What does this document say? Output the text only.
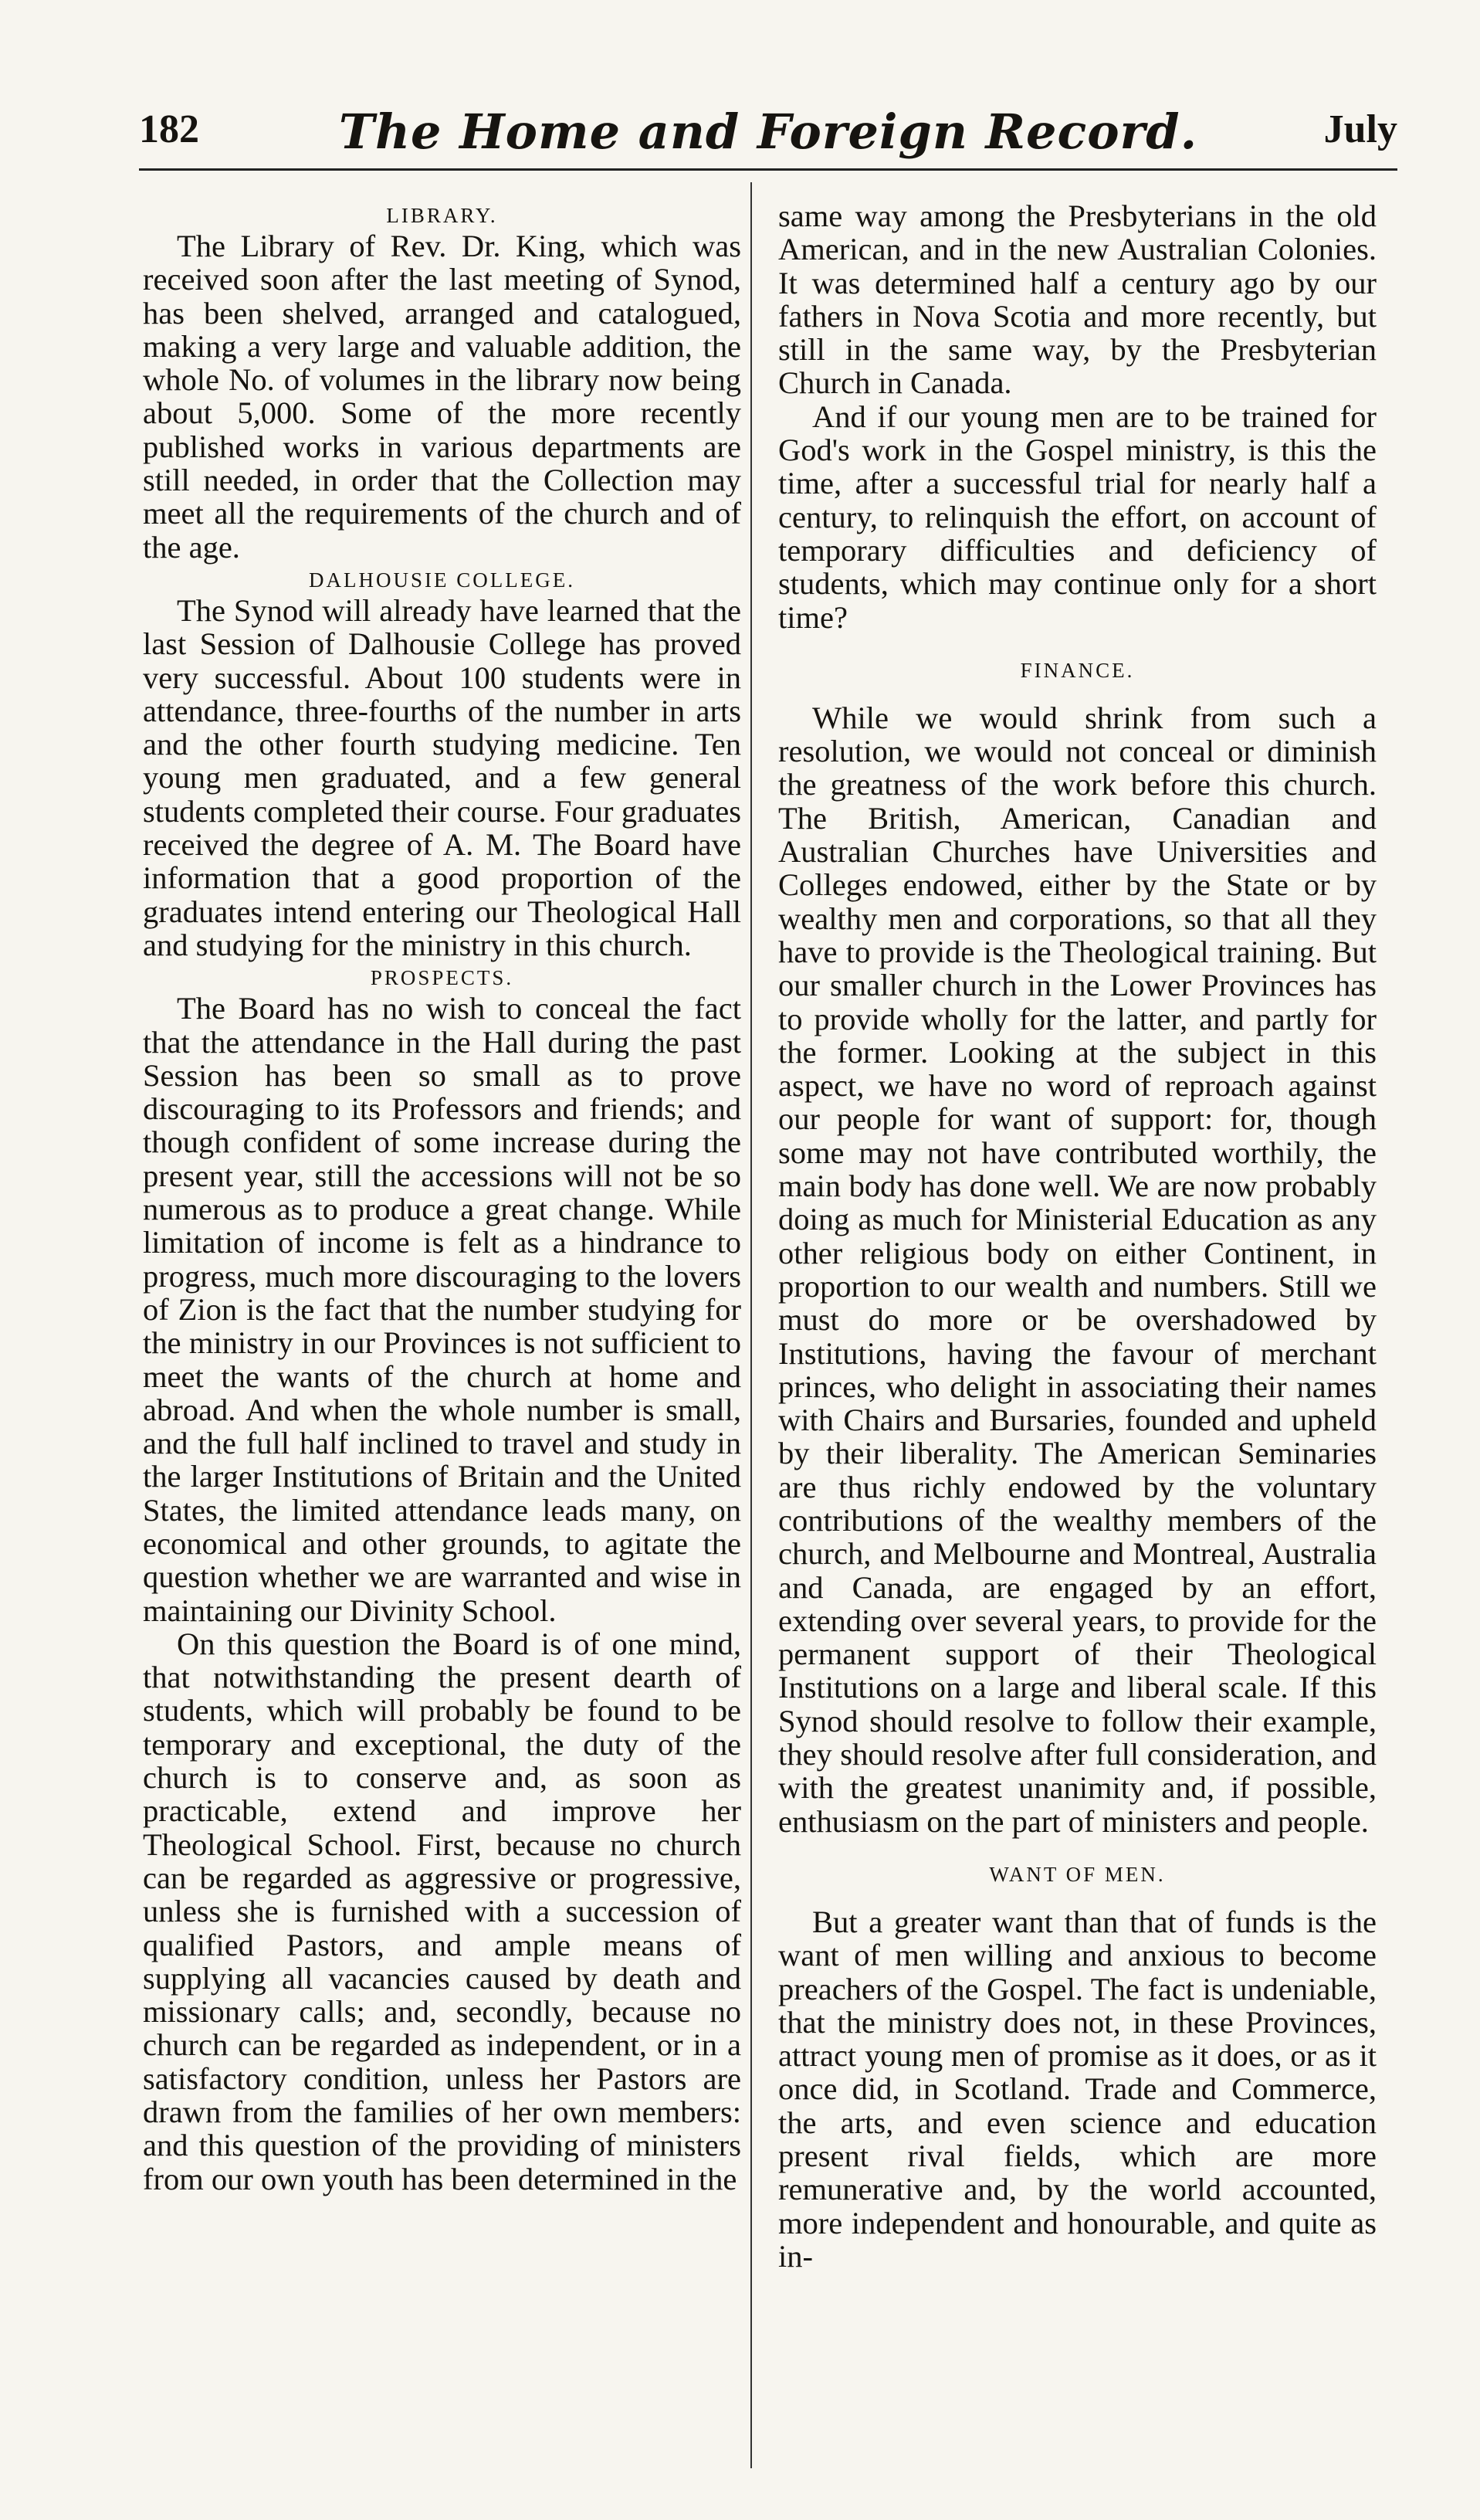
182	The Home and Foreign Record.	July
LIBRARY.

The Library of Rev. Dr. King, which was received soon after the last meeting of Synod, has been shelved, arranged and catalogued, making a very large and valuable addition, the whole No. of volumes in the library now being about 5,000. Some of the more recently published works in various departments are still needed, in order that the Collection may meet all the requirements of the church and of the age.

DALHOUSIE COLLEGE.

The Synod will already have learned that the last Session of Dalhousie College has proved very successful. About 100 students were in attendance, three-fourths of the number in arts and the other fourth studying medicine. Ten young men graduated, and a few general students completed their course. Four graduates received the degree of A. M. The Board have information that a good proportion of the graduates intend entering our Theological Hall and studying for the ministry in this church.

PROSPECTS.

The Board has no wish to conceal the fact that the attendance in the Hall during the past Session has been so small as to prove discouraging to its Professors and friends; and though confident of some increase during the present year, still the accessions will not be so numerous as to produce a great change. While limitation of income is felt as a hindrance to progress, much more discouraging to the lovers of Zion is the fact that the number studying for the ministry in our Provinces is not sufficient to meet the wants of the church at home and abroad. And when the whole number is small, and the full half inclined to travel and study in the larger Institutions of Britain and the United States, the limited attendance leads many, on economical and other grounds, to agitate the question whether we are warranted and wise in maintaining our Divinity School.

On this question the Board is of one mind, that notwithstanding the present dearth of students, which will probably be found to be temporary and exceptional, the duty of the church is to conserve and, as soon as practicable, extend and improve her Theological School. First, because no church can be regarded as aggressive or progressive, unless she is furnished with a succession of qualified Pastors, and ample means of supplying all vacancies caused by death and missionary calls; and, secondly, because no church can be regarded as independent, or in a satisfactory condition, unless her Pastors are drawn from the families of her own members: and this question of the providing of ministers from our own youth has been determined in the

same way among the Presbyterians in the old American, and in the new Australian Colonies. It was determined half a century ago by our fathers in Nova Scotia and more recently, but still in the same way, by the Presbyterian Church in Canada.

And if our young men are to be trained for God's work in the Gospel ministry, is this the time, after a successful trial for nearly half a century, to relinquish the effort, on account of temporary difficulties and deficiency of students, which may continue only for a short time?

FINANCE.

While we would shrink from such a resolution, we would not conceal or diminish the greatness of the work before this church. The British, American, Canadian and Australian Churches have Universities and Colleges endowed, either by the State or by wealthy men and corporations, so that all they have to provide is the Theological training. But our smaller church in the Lower Provinces has to provide wholly for the latter, and partly for the former. Looking at the subject in this aspect, we have no word of reproach against our people for want of support: for, though some may not have contributed worthily, the main body has done well. We are now probably doing as much for Ministerial Education as any other religious body on either Continent, in proportion to our wealth and numbers. Still we must do more or be overshadowed by Institutions, having the favour of merchant princes, who delight in associating their names with Chairs and Bursaries, founded and upheld by their liberality. The American Seminaries are thus richly endowed by the voluntary contributions of the wealthy members of the church, and Melbourne and Montreal, Australia and Canada, are engaged by an effort, extending over several years, to provide for the permanent support of their Theological Institutions on a large and liberal scale. If this Synod should resolve to follow their example, they should resolve after full consideration, and with the greatest unanimity and, if possible, enthusiasm on the part of ministers and people.

WANT OF MEN.

But a greater want than that of funds is the want of men willing and anxious to become preachers of the Gospel. The fact is undeniable, that the ministry does not, in these Provinces, attract young men of promise as it does, or as it once did, in Scotland. Trade and Commerce, the arts, and even science and education present rival fields, which are more remunerative and, by the world accounted, more independent and honourable, and quite as in-
